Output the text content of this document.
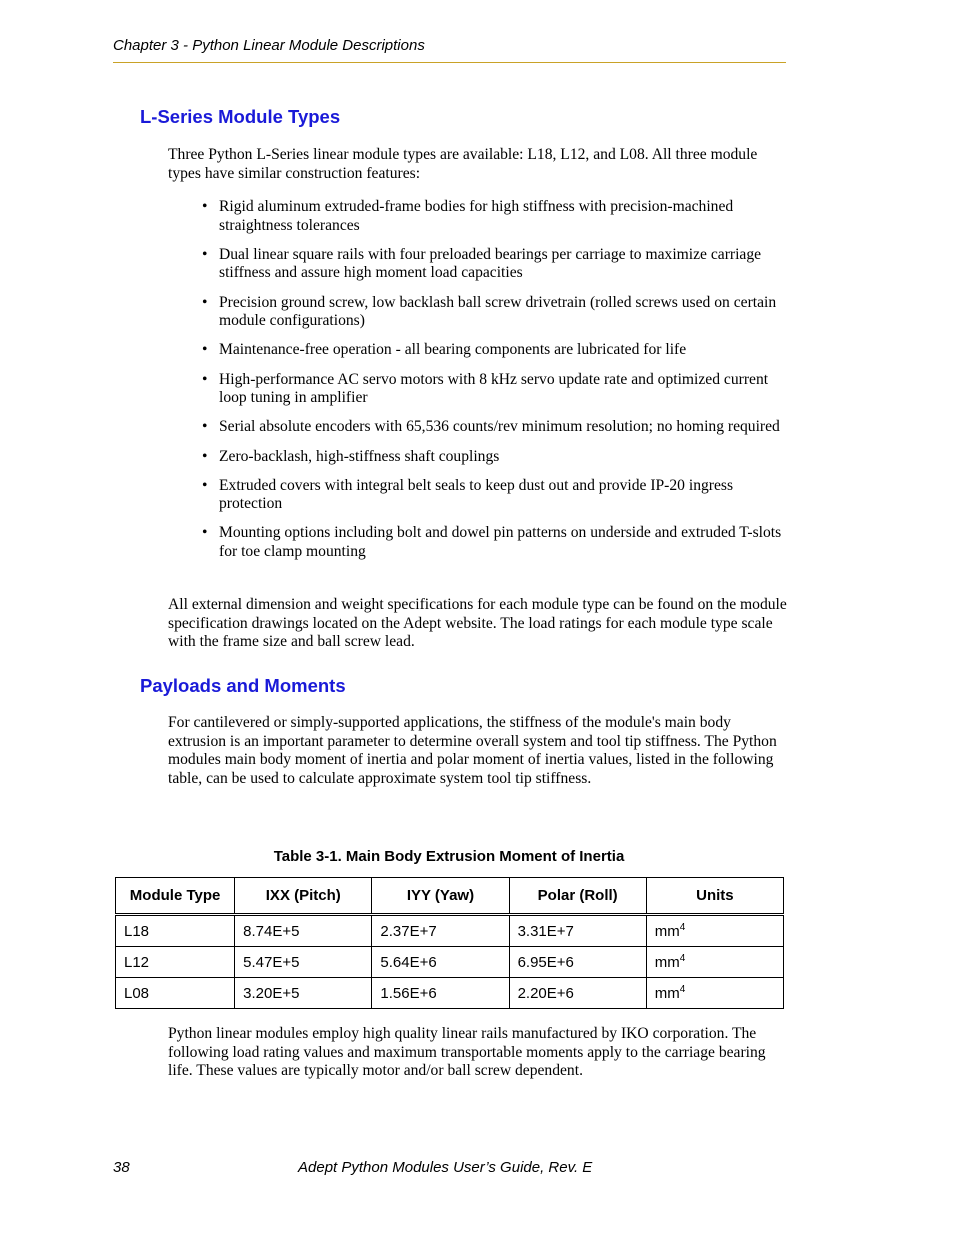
Chapter 3 - Python Linear Module Descriptions
L-Series Module Types

Three Python L-Series linear module types are available: L18, L12, and L08. All three module types have similar construction features:

• Rigid aluminum extruded-frame bodies for high stiffness with precision-machined straightness tolerances
• Dual linear square rails with four preloaded bearings per carriage to maximize carriage stiffness and assure high moment load capacities
• Precision ground screw, low backlash ball screw drivetrain (rolled screws used on certain module configurations)
• Maintenance-free operation - all bearing components are lubricated for life
• High-performance AC servo motors with 8 kHz servo update rate and optimized current loop tuning in amplifier
• Serial absolute encoders with 65,536 counts/rev minimum resolution; no homing required
• Zero-backlash, high-stiffness shaft couplings
• Extruded covers with integral belt seals to keep dust out and provide IP-20 ingress protection
• Mounting options including bolt and dowel pin patterns on underside and extruded T-slots for toe clamp mounting

All external dimension and weight specifications for each module type can be found on the module specification drawings located on the Adept website. The load ratings for each module type scale with the frame size and ball screw lead.

Payloads and Moments

For cantilevered or simply-supported applications, the stiffness of the module's main body extrusion is an important parameter to determine overall system and tool tip stiffness. The Python modules main body moment of inertia and polar moment of inertia values, listed in the following table, can be used to calculate approximate system tool tip stiffness.

Table 3-1. Main Body Extrusion Moment of Inertia
Module Type	IXX (Pitch)	IYY (Yaw)	Polar (Roll)	Units
L18	8.74E+5	2.37E+7	3.31E+7	$mm^4$
L12	5.47E+5	5.64E+6	6.95E+6	$mm^4$
L08	3.20E+5	1.56E+6	2.20E+6	$mm^4$

Python linear modules employ high quality linear rails manufactured by IKO corporation. The following load rating values and maximum transportable moments apply to the carriage bearing life. These values are typically motor and/or ball screw dependent.

38	Adept Python Modules User’s Guide, Rev. E
